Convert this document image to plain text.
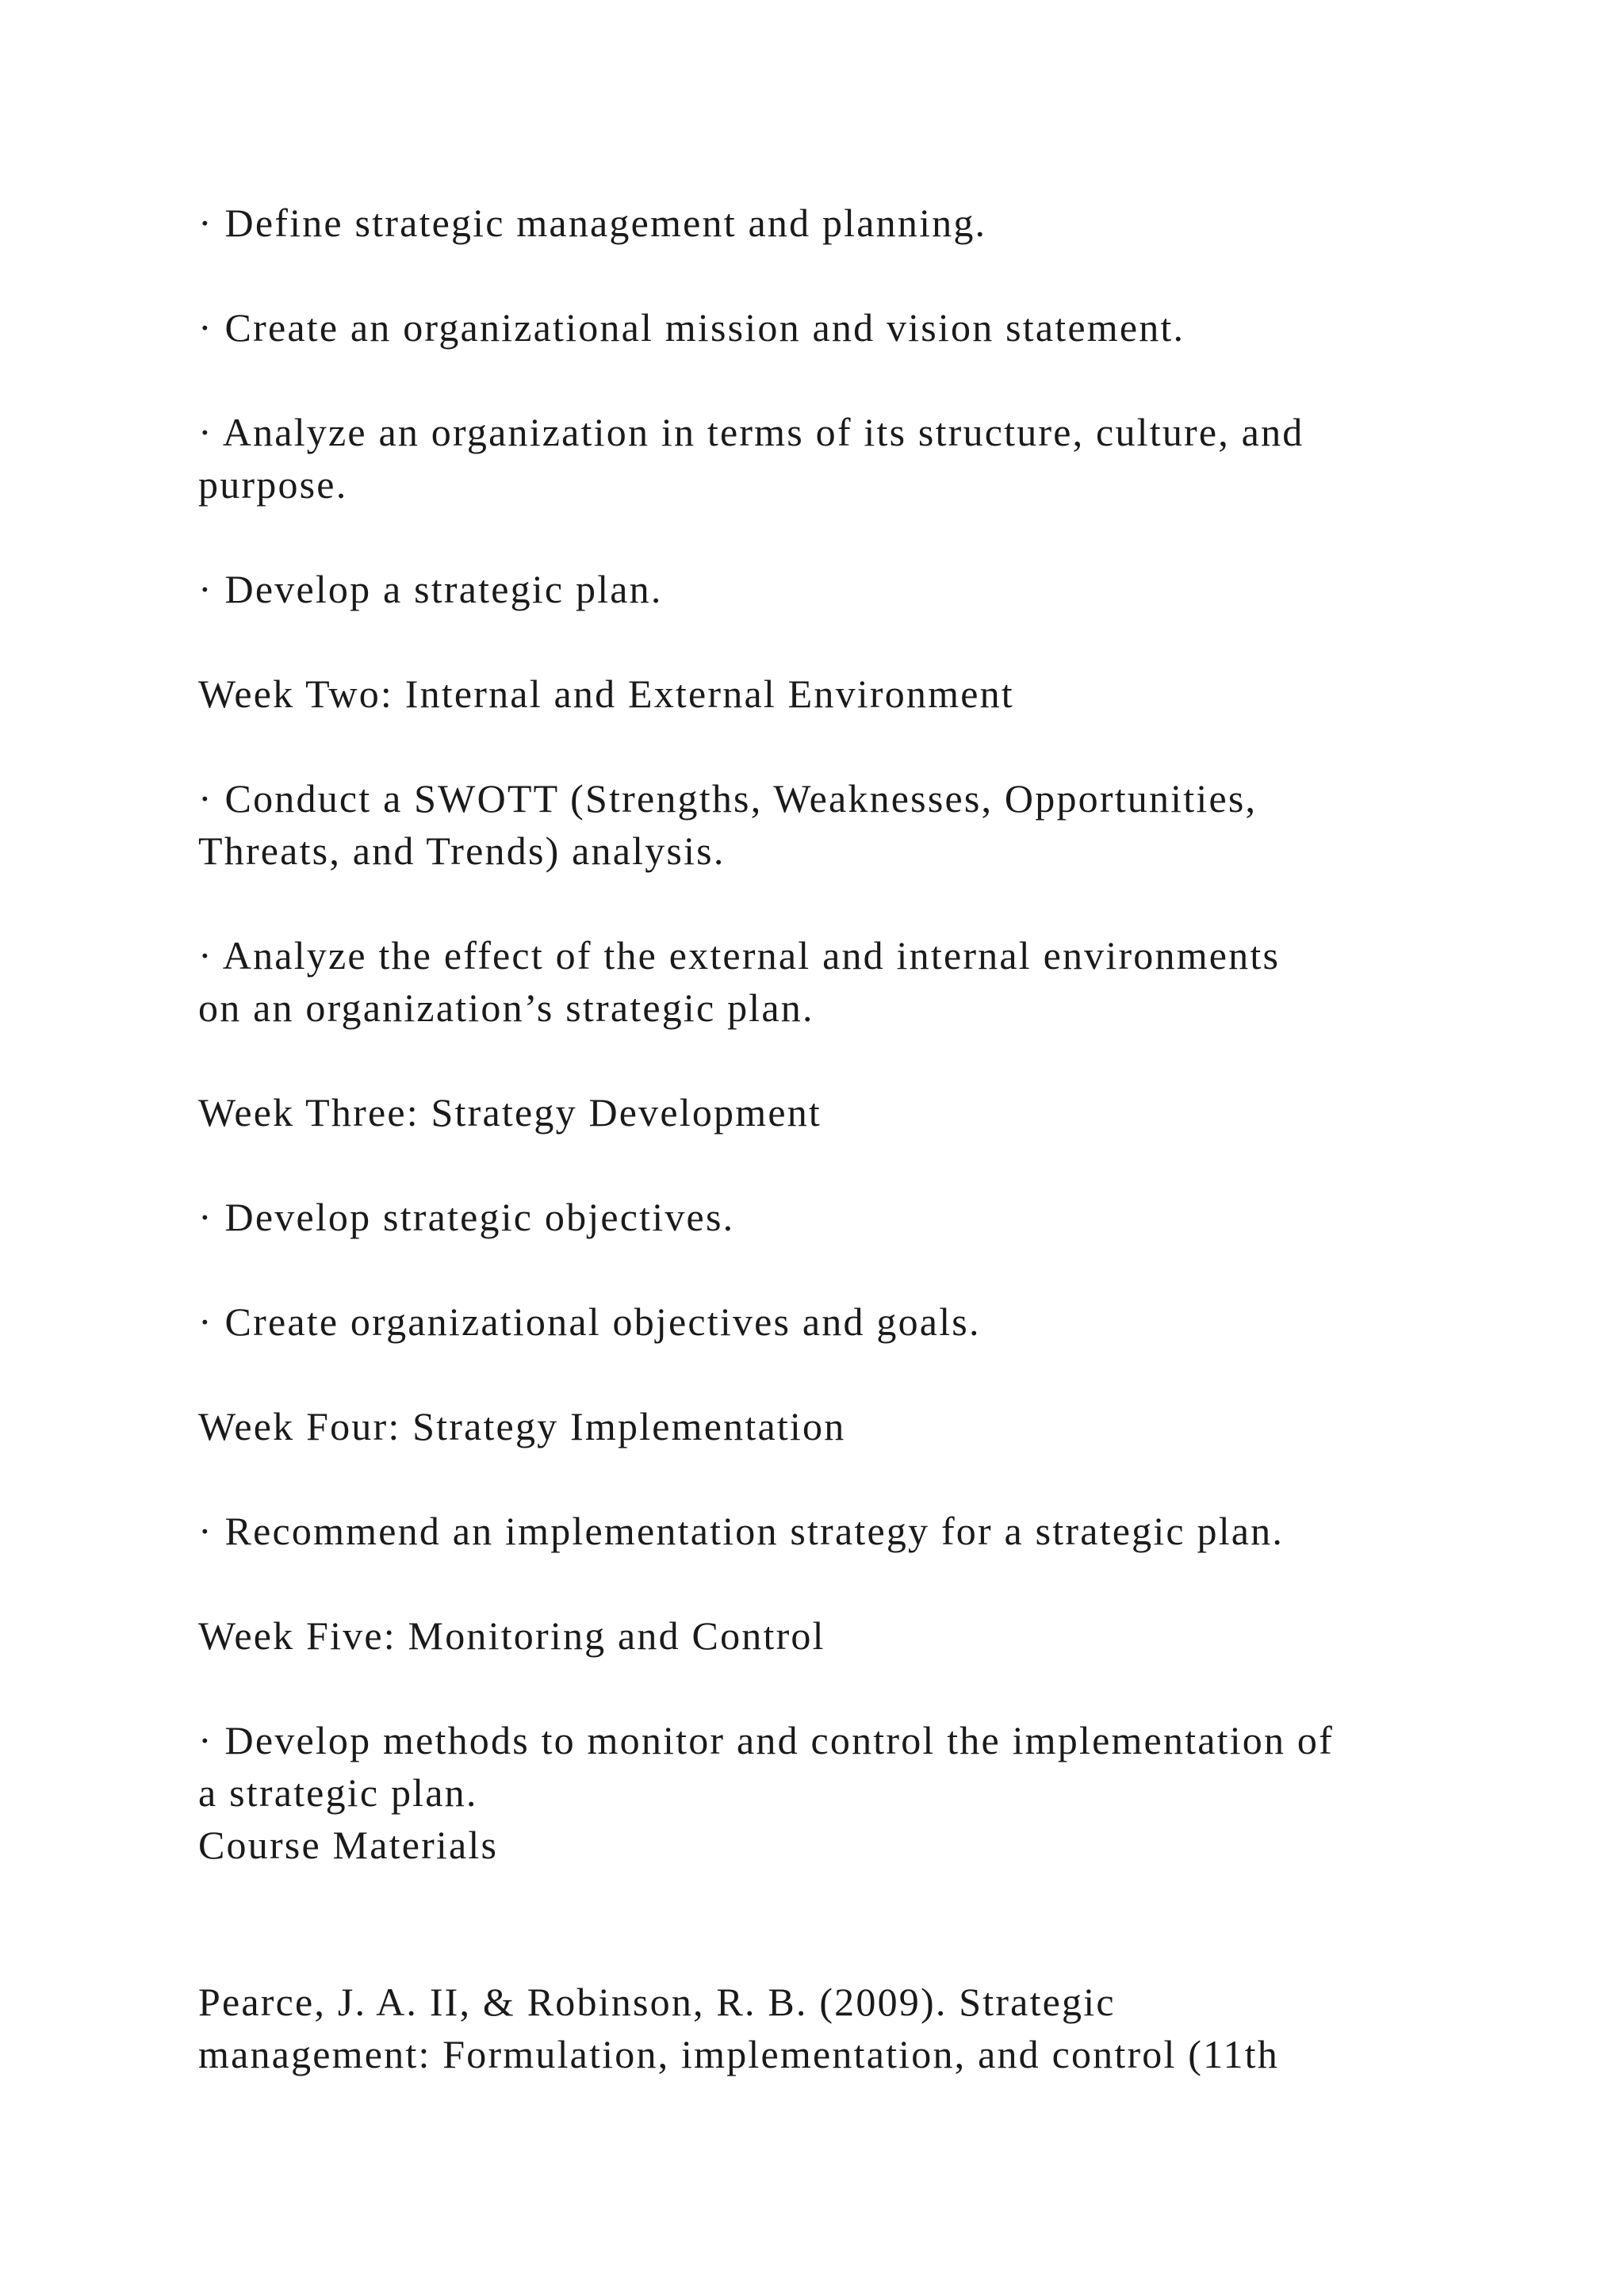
· Define strategic management and planning.
· Create an organizational mission and vision statement.
· Analyze an organization in terms of its structure, culture, and
purpose.
· Develop a strategic plan.
Week Two: Internal and External Environment
· Conduct a SWOTT (Strengths, Weaknesses, Opportunities,
Threats, and Trends) analysis.
· Analyze the effect of the external and internal environments
on an organization’s strategic plan.
Week Three: Strategy Development
· Develop strategic objectives.
· Create organizational objectives and goals.
Week Four: Strategy Implementation
· Recommend an implementation strategy for a strategic plan.
Week Five: Monitoring and Control
· Develop methods to monitor and control the implementation of
a strategic plan.
Course Materials
Pearce, J. A. II, & Robinson, R. B. (2009). Strategic
management: Formulation, implementation, and control (11th
